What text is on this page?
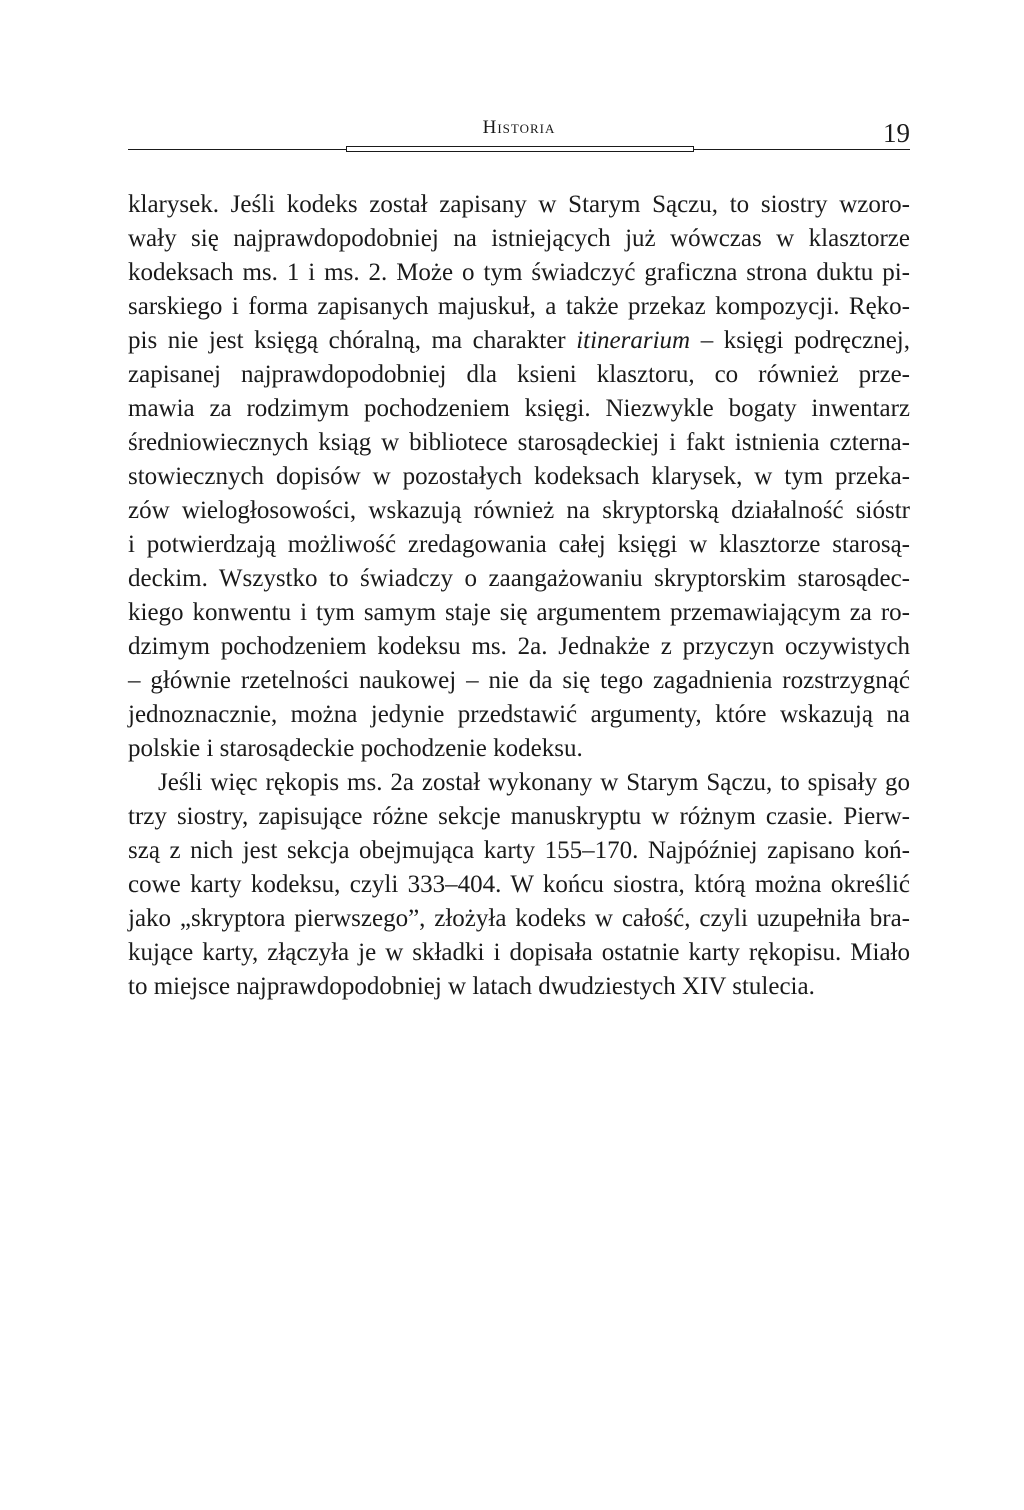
Historia	19

klarysek. Jeśli kodeks został zapisany w Starym Sączu, to siostry wzoro-
wały się najprawdopodobniej na istniejących już wówczas w klasztorze
kodeksach ms. 1 i ms. 2. Może o tym świadczyć graficzna strona duktu pi-
sarskiego i forma zapisanych majuskuł, a także przekaz kompozycji. Ręko-
pis nie jest księgą chóralną, ma charakter itinerarium – księgi podręcznej,
zapisanej najprawdopodobniej dla ksieni klasztoru, co również prze-
mawia za rodzimym pochodzeniem księgi. Niezwykle bogaty inwentarz
średniowiecznych ksiąg w bibliotece starosądeckiej i fakt istnienia czterna-
stowiecznych dopisów w pozostałych kodeksach klarysek, w tym przeka-
zów wielogłosowości, wskazują również na skryptorską działalność sióstr
i potwierdzają możliwość zredagowania całej księgi w klasztorze starosą-
deckim. Wszystko to świadczy o zaangażowaniu skryptorskim starosądec-
kiego konwentu i tym samym staje się argumentem przemawiającym za ro-
dzimym pochodzeniem kodeksu ms. 2a. Jednakże z przyczyn oczywistych
– głównie rzetelności naukowej – nie da się tego zagadnienia rozstrzygnąć
jednoznacznie, można jedynie przedstawić argumenty, które wskazują na
polskie i starosądeckie pochodzenie kodeksu.

Jeśli więc rękopis ms. 2a został wykonany w Starym Sączu, to spisały go
trzy siostry, zapisujące różne sekcje manuskryptu w różnym czasie. Pierw-
szą z nich jest sekcja obejmująca karty 155–170. Najpóźniej zapisano koń-
cowe karty kodeksu, czyli 333–404. W końcu siostra, którą można określić
jako „skryptora pierwszego”, złożyła kodeks w całość, czyli uzupełniła bra-
kujące karty, złączyła je w składki i dopisała ostatnie karty rękopisu. Miało
to miejsce najprawdopodobniej w latach dwudziestych XIV stulecia.
